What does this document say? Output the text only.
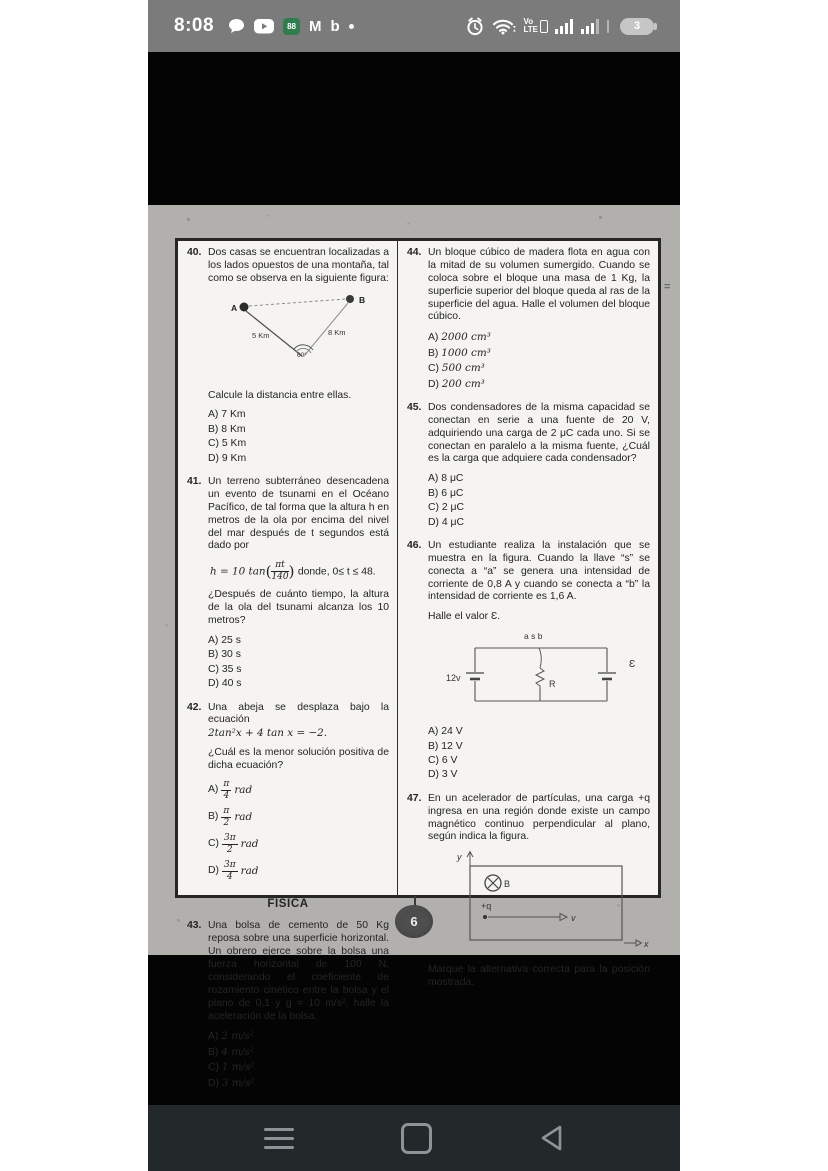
8:08	88 M b	Vo
LTE	3
=
40. Dos casas se encuentran localizadas a los lados opuestos de una montaña, tal como se observa en la siguiente figura:
A
B
60°
5 Km	8 Km
Calcule la distancia entre ellas.
A) 7 Km
B) 8 Km
C) 5 Km
D) 9 Km
41. Un terreno subterráneo desencadena un evento de tsunami en el Océano Pacífico, de tal forma que la altura h en metros de la ola por encima del nivel del mar después de t segundos está dado por
h = 10 $\tan( \frac{\pi t}{140}$ ) donde, 0≤ t ≤ 48.
¿Después de cuánto tiempo, la altura de la ola del tsunami alcanza los 10 metros?
A) 25 s
B) 30 s
C) 35 s
D) 40 s
42. Una abeja se desplaza bajo la ecuación
2tan²x + 4 tan x = −2.
¿Cuál es la menor solución positiva de dicha ecuación?
$A) \frac{\pi}{4}$ rad
$B) \frac{\pi}{2}$ rad
$C) \frac{3\pi}{2}$ rad
$D) \frac{3\pi}{4}$ rad
FÍSICA
43. Una bolsa de cemento de 50 Kg reposa sobre una superficie horizontal. Un obrero ejerce sobre la bolsa una fuerza horizontal de 100 N, considerando el coeficiente de rozamiento cinético entre la bolsa y el plano de 0,1 y g = 10 m/s², halle la aceleración de la bolsa.
A) 2 m/s²
B) 4 m/s²
C) 1 m/s²
D) 3 m/s²
44. Un bloque cúbico de madera flota en agua con la mitad de su volumen sumergido. Cuando se coloca sobre el bloque una masa de 1 Kg, la superficie superior del bloque queda al ras de la superficie del agua. Halle el volumen del bloque cúbico.
A) 2000 cm³
B) 1000 cm³
C) 500 cm³
D) 200 cm³
45. Dos condensadores de la misma capacidad se conectan en serie a una fuente de 20 V, adquiriendo una carga de 2 μC cada uno. Si se conectan en paralelo a la misma fuente, ¿Cuál es la carga que adquiere cada condensador?
A) 8 μC
B) 6 μC
C) 2 μC
D) 4 μC
46. Un estudiante realiza la instalación que se muestra en la figura. Cuando la llave “s” se conecta a “a” se genera una intensidad de corriente de 0,8 A y cuando se conecta a “b” la intensidad de corriente es 1,6 A.
Halle el valor Ɛ.
a s b
12v
R
Ɛ
A) 24 V
B) 12 V
C) 6 V
D) 3 V
47. En un acelerador de partículas, una carga +q ingresa en una región donde existe un campo magnético continuo perpendicular al plano, según indica la figura.
y
x
B
+q
v
Marque la alternativa correcta para la posición mostrada.
6
